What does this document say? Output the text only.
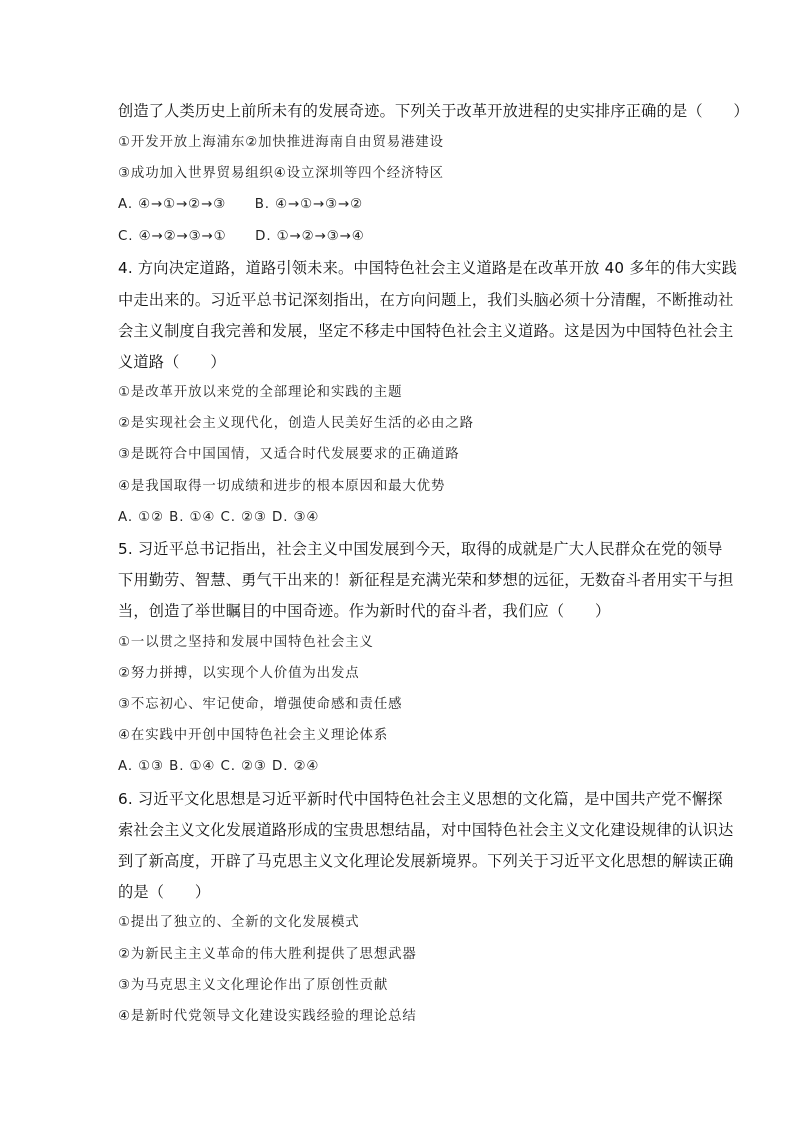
创造了人类历史上前所未有的发展奇迹。下列关于改革开放进程的史实排序正确的是（　　）
①开发开放上海浦东②加快推进海南自由贸易港建设
③成功加入世界贸易组织④设立深圳等四个经济特区
A. ④→①→②→③　　B. ④→①→③→②
C. ④→②→③→①　　D. ①→②→③→④
4. 方向决定道路，道路引领未来。中国特色社会主义道路是在改革开放 40 多年的伟大实践
中走出来的。习近平总书记深刻指出，在方向问题上，我们头脑必须十分清醒，不断推动社
会主义制度自我完善和发展，坚定不移走中国特色社会主义道路。这是因为中国特色社会主
义道路（　　）
①是改革开放以来党的全部理论和实践的主题
②是实现社会主义现代化，创造人民美好生活的必由之路
③是既符合中国国情，又适合时代发展要求的正确道路
④是我国取得一切成绩和进步的根本原因和最大优势
A. ①② B. ①④ C. ②③ D. ③④
5. 习近平总书记指出，社会主义中国发展到今天，取得的成就是广大人民群众在党的领导
下用勤劳、智慧、勇气干出来的！新征程是充满光荣和梦想的远征，无数奋斗者用实干与担
当，创造了举世瞩目的中国奇迹。作为新时代的奋斗者，我们应（　　）
①一以贯之坚持和发展中国特色社会主义
②努力拼搏，以实现个人价值为出发点
③不忘初心、牢记使命，增强使命感和责任感
④在实践中开创中国特色社会主义理论体系
A. ①③ B. ①④ C. ②③ D. ②④
6. 习近平文化思想是习近平新时代中国特色社会主义思想的文化篇，是中国共产党不懈探
索社会主义文化发展道路形成的宝贵思想结晶，对中国特色社会主义文化建设规律的认识达
到了新高度，开辟了马克思主义文化理论发展新境界。下列关于习近平文化思想的解读正确
的是（　　）
①提出了独立的、全新的文化发展模式
②为新民主主义革命的伟大胜利提供了思想武器
③为马克思主义文化理论作出了原创性贡献
④是新时代党领导文化建设实践经验的理论总结
